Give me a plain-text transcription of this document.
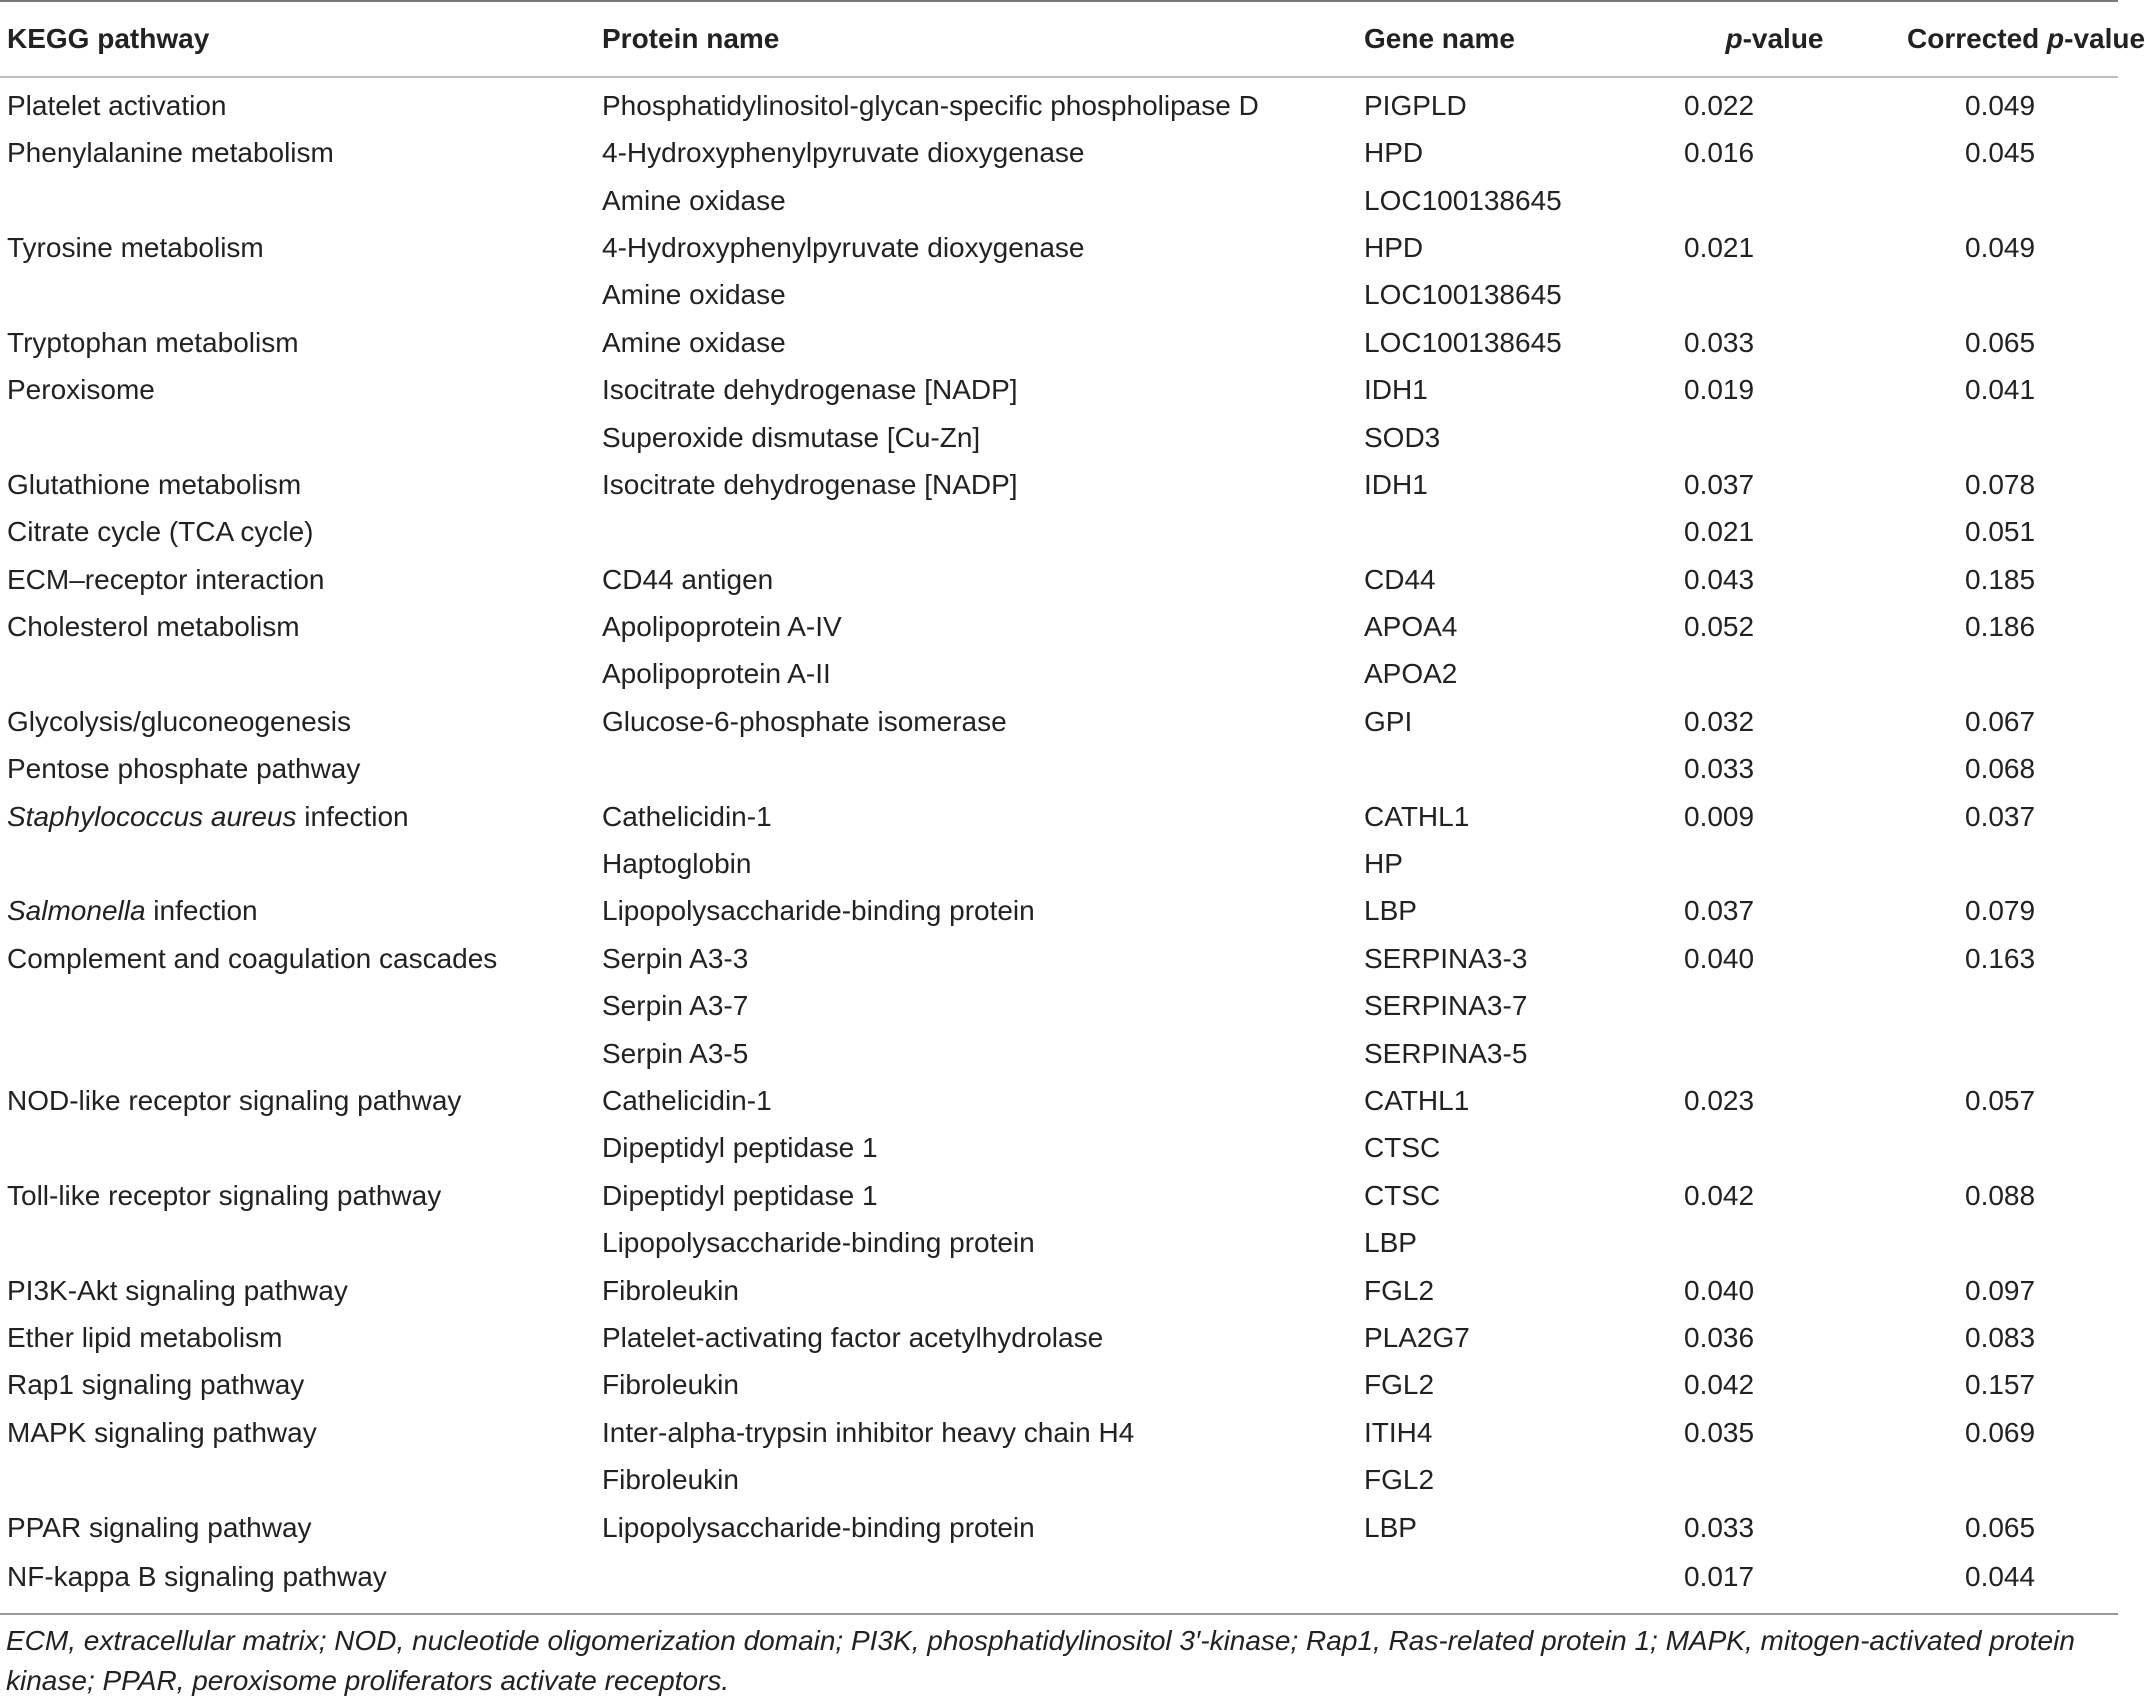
KEGG pathway	Protein name	Gene name	p-value	Corrected p-value
Platelet activation	Phosphatidylinositol-glycan-specific phospholipase D	PIGPLD	0.022	0.049
Phenylalanine metabolism	4-Hydroxyphenylpyruvate dioxygenase	HPD	0.016	0.045
	Amine oxidase	LOC100138645		
Tyrosine metabolism	4-Hydroxyphenylpyruvate dioxygenase	HPD	0.021	0.049
	Amine oxidase	LOC100138645		
Tryptophan metabolism	Amine oxidase	LOC100138645	0.033	0.065
Peroxisome	Isocitrate dehydrogenase [NADP]	IDH1	0.019	0.041
	Superoxide dismutase [Cu-Zn]	SOD3		
Glutathione metabolism	Isocitrate dehydrogenase [NADP]	IDH1	0.037	0.078
Citrate cycle (TCA cycle)			0.021	0.051
ECM–receptor interaction	CD44 antigen	CD44	0.043	0.185
Cholesterol metabolism	Apolipoprotein A-IV	APOA4	0.052	0.186
	Apolipoprotein A-II	APOA2		
Glycolysis/gluconeogenesis	Glucose-6-phosphate isomerase	GPI	0.032	0.067
Pentose phosphate pathway			0.033	0.068
Staphylococcus aureus infection	Cathelicidin-1	CATHL1	0.009	0.037
	Haptoglobin	HP		
Salmonella infection	Lipopolysaccharide-binding protein	LBP	0.037	0.079
Complement and coagulation cascades	Serpin A3-3	SERPINA3-3	0.040	0.163
	Serpin A3-7	SERPINA3-7		
	Serpin A3-5	SERPINA3-5		
NOD-like receptor signaling pathway	Cathelicidin-1	CATHL1	0.023	0.057
	Dipeptidyl peptidase 1	CTSC		
Toll-like receptor signaling pathway	Dipeptidyl peptidase 1	CTSC	0.042	0.088
	Lipopolysaccharide-binding protein	LBP		
PI3K-Akt signaling pathway	Fibroleukin	FGL2	0.040	0.097
Ether lipid metabolism	Platelet-activating factor acetylhydrolase	PLA2G7	0.036	0.083
Rap1 signaling pathway	Fibroleukin	FGL2	0.042	0.157
MAPK signaling pathway	Inter-alpha-trypsin inhibitor heavy chain H4	ITIH4	0.035	0.069
	Fibroleukin	FGL2		
PPAR signaling pathway	Lipopolysaccharide-binding protein	LBP	0.033	0.065
NF-kappa B signaling pathway			0.017	0.044
ECM, extracellular matrix; NOD, nucleotide oligomerization domain; PI3K, phosphatidylinositol 3′-kinase; Rap1, Ras-related protein 1; MAPK, mitogen-activated protein kinase; PPAR, peroxisome proliferators activate receptors.
